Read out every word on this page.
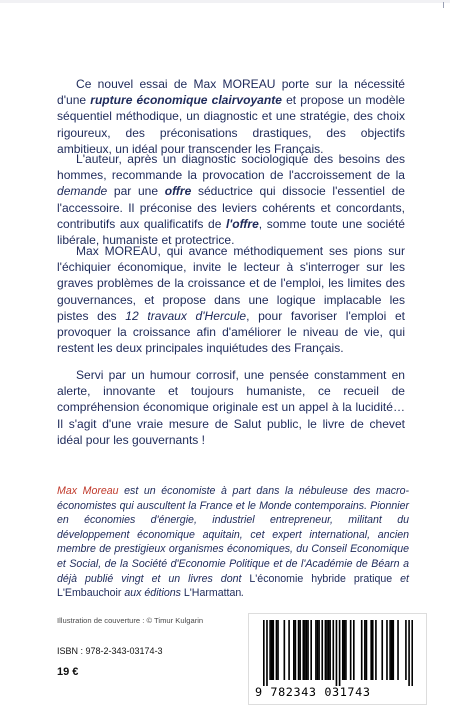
Ce nouvel essai de Max MOREAU porte sur la nécessité d'une rupture économique clairvoyante et propose un modèle séquentiel méthodique, un diagnostic et une stratégie, des choix rigoureux, des préconisations drastiques, des objectifs ambitieux, un idéal pour transcender les Français.

L'auteur, après un diagnostic sociologique des besoins des hommes, recommande la provocation de l'accroissement de la demande par une offre séductrice qui dissocie l'essentiel de l'accessoire. Il préconise des leviers cohérents et concordants, contributifs aux qualificatifs de l'offre, somme toute une société libérale, humaniste et protectrice.

Max MOREAU, qui avance méthodiquement ses pions sur l'échiquier économique, invite le lecteur à s'interroger sur les graves problèmes de la croissance et de l'emploi, les limites des gouvernances, et propose dans une logique implacable les pistes des 12 travaux d'Hercule, pour favoriser l'emploi et provoquer la croissance afin d'améliorer le niveau de vie, qui restent les deux principales inquiétudes des Français.

Servi par un humour corrosif, une pensée constamment en alerte, innovante et toujours humaniste, ce recueil de compréhension économique originale est un appel à la lucidité… Il s'agit d'une vraie mesure de Salut public, le livre de chevet idéal pour les gouvernants !

Max Moreau est un économiste à part dans la nébuleuse des macro-économistes qui auscultent la France et le Monde contemporains. Pionnier en économies d'énergie, industriel entrepreneur, militant du développement économique aquitain, cet expert international, ancien membre de prestigieux organismes économiques, du Conseil Economique et Social, de la Société d'Economie Politique et de l'Académie de Béarn a déjà publié vingt et un livres dont L'économie hybride pratique et L'Embauchoir aux éditions L'Harmattan.
Illustration de couverture : © Timur Kulgarin
ISBN : 978-2-343-03174-3
19 €
9 782343 031743
